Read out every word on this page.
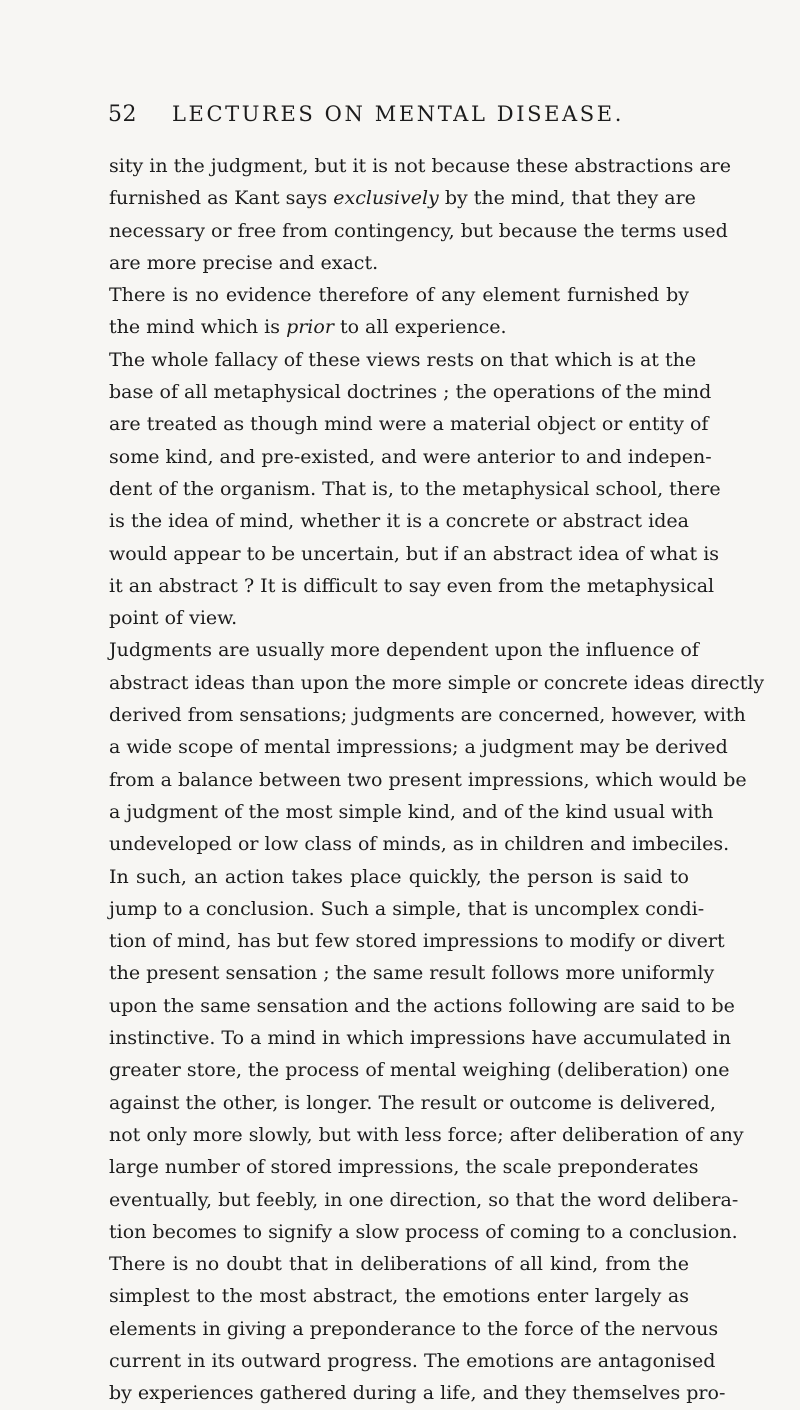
52	LECTURES ON MENTAL DISEASE.
sity in the judgment, but it is not because these abstractions are
furnished as Kant says exclusively by the mind, that they are
necessary or free from contingency, but because the terms used
are more precise and exact.
There is no evidence therefore of any element furnished by
the mind which is prior to all experience.
The whole fallacy of these views rests on that which is at the
base of all metaphysical doctrines ; the operations of the mind
are treated as though mind were a material object or entity of
some kind, and pre-existed, and were anterior to and indepen-
dent of the organism. That is, to the metaphysical school, there
is the idea of mind, whether it is a concrete or abstract idea
would appear to be uncertain, but if an abstract idea of what is
it an abstract ? It is difficult to say even from the metaphysical
point of view.
Judgments are usually more dependent upon the influence of
abstract ideas than upon the more simple or concrete ideas directly
derived from sensations; judgments are concerned, however, with
a wide scope of mental impressions; a judgment may be derived
from a balance between two present impressions, which would be
a judgment of the most simple kind, and of the kind usual with
undeveloped or low class of minds, as in children and imbeciles.
In such, an action takes place quickly, the person is said to
jump to a conclusion. Such a simple, that is uncomplex condi-
tion of mind, has but few stored impressions to modify or divert
the present sensation ; the same result follows more uniformly
upon the same sensation and the actions following are said to be
instinctive. To a mind in which impressions have accumulated in
greater store, the process of mental weighing (deliberation) one
against the other, is longer. The result or outcome is delivered,
not only more slowly, but with less force; after deliberation of any
large number of stored impressions, the scale preponderates
eventually, but feebly, in one direction, so that the word delibera-
tion becomes to signify a slow process of coming to a conclusion.
There is no doubt that in deliberations of all kind, from the
simplest to the most abstract, the emotions enter largely as
elements in giving a preponderance to the force of the nervous
current in its outward progress. The emotions are antagonised
by experiences gathered during a life, and they themselves pro-
